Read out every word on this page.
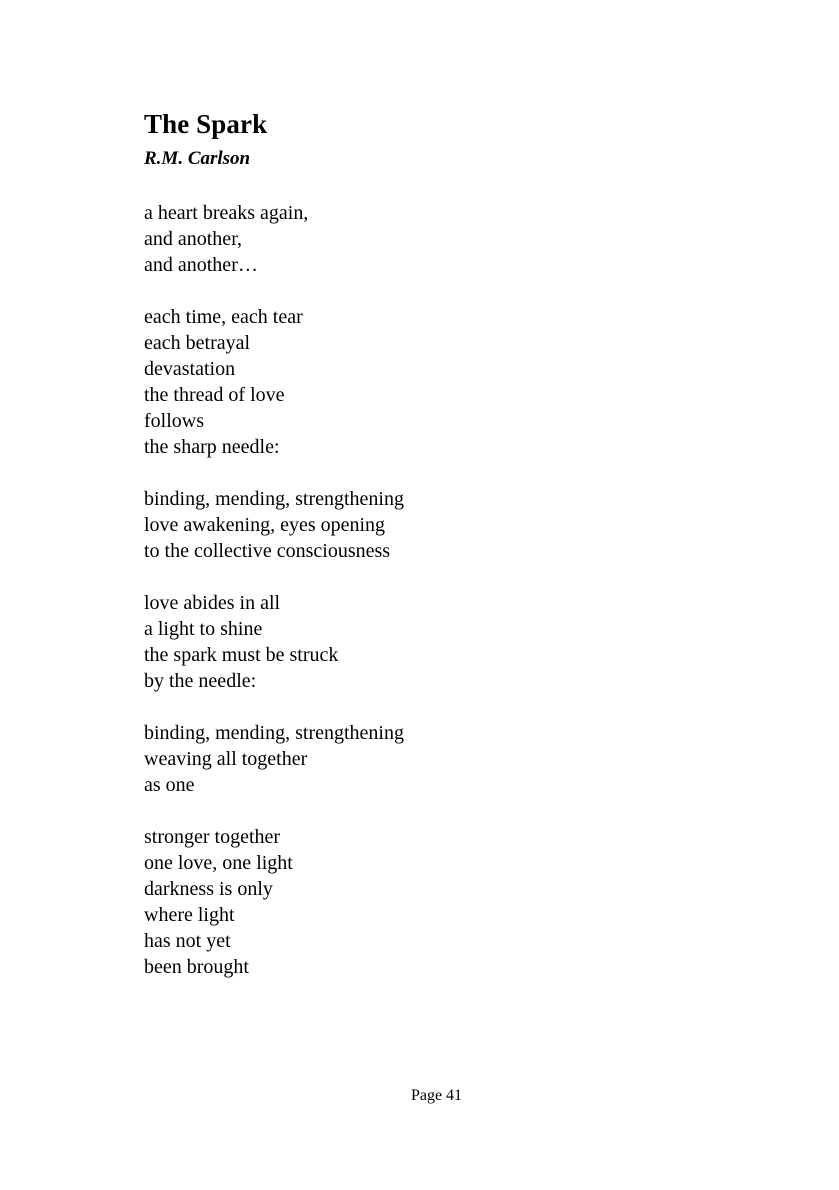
The Spark
R.M. Carlson
a heart breaks again,
and another,
and another…
each time, each tear
each betrayal
devastation
the thread of love
follows
the sharp needle:
binding, mending, strengthening
love awakening, eyes opening
to the collective consciousness
love abides in all
a light to shine
the spark must be struck
by the needle:
binding, mending, strengthening
weaving all together
as one
stronger together
one love, one light
darkness is only
where light
has not yet
been brought
Page 41
